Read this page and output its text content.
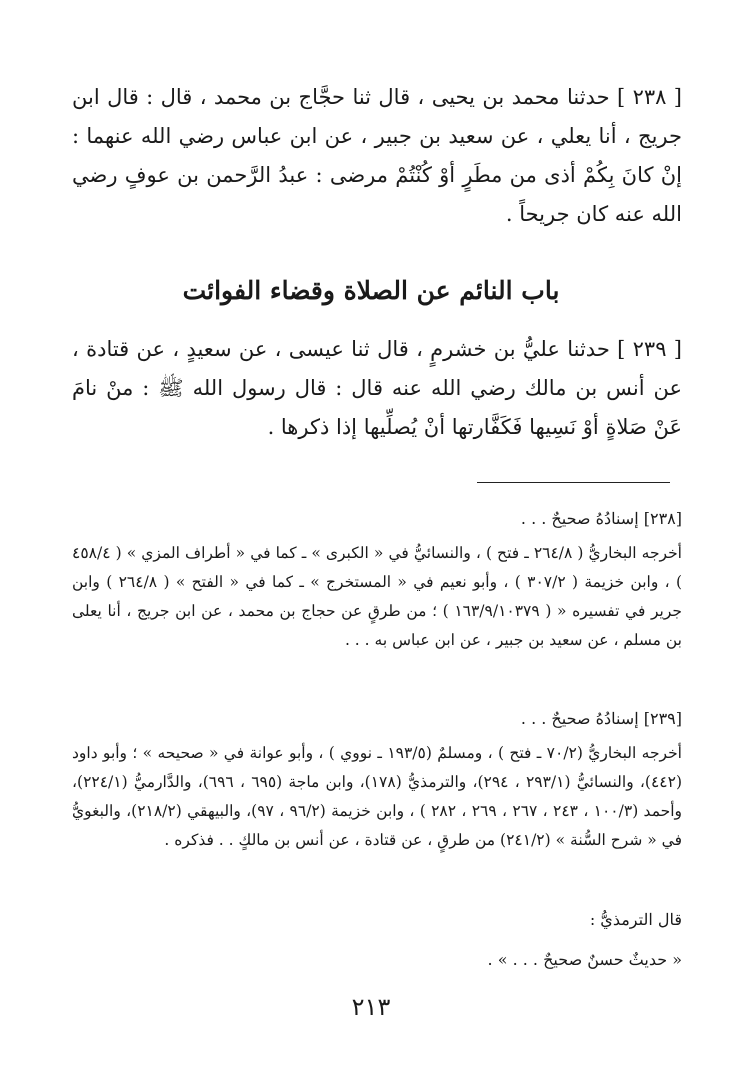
[ ٢٣٨ ] حدثنا محمد بن يحيى ، قال ثنا حجَّاج بن محمد ، قال : قال ابن جريج ، أنا يعلي ، عن سعيد بن جبير ، عن ابن عباس رضي الله عنهما : إنْ كانَ بِكُمْ أذى من مطَرٍ أوْ كُنْتُمْ مرضى : عبدُ الرَّحمن بن عوفٍ رضي الله عنه كان جريحاً .

باب النائم عن الصلاة وقضاء الفوائت

[ ٢٣٩ ] حدثنا عليُّ بن خشرمٍ ، قال ثنا عيسى ، عن سعيدٍ ، عن قتادة ، عن أنس بن مالك رضي الله عنه قال : قال رسول الله ﷺ : منْ نامَ عَنْ صَلاةٍ أوْ نَسِيها فَكَفَّارتها أنْ يُصلِّيها إذا ذكرها .

[٢٣٨] إسنادُهُ صحيحٌ . . .

أخرجه البخاريُّ ( ٢٦٤/٨ ـ فتح ) ، والنسائيُّ في « الكبرى » ـ كما في « أطراف المزي » ( ٤٥٨/٤ ) ، وابن خزيمة ( ٣٠٧/٢ ) ، وأبو نعيم في « المستخرج » ـ كما في « الفتح » ( ٢٦٤/٨ ) وابن جرير في تفسيره « ( ١٦٣/٩/١٠٣٧٩ ) ؛ من طرقٍ عن حجاج بن محمد ، عن ابن جريج ، أنا يعلى بن مسلم ، عن سعيد بن جبير ، عن ابن عباس به . . .

[٢٣٩] إسنادُهُ صحيحٌ . . .

أخرجه البخاريُّ (٧٠/٢ ـ فتح ) ، ومسلمٌ (١٩٣/٥ ـ نووي ) ، وأبو عوانة في « صحيحه » ؛ وأبو داود (٤٤٢)، والنسائيُّ (٢٩٣/١ ، ٢٩٤)، والترمذيُّ (١٧٨)، وابن ماجة (٦٩٥ ، ٦٩٦)، والدَّارميُّ (٢٢٤/١)، وأحمد (١٠٠/٣ ، ٢٤٣ ، ٢٦٧ ، ٢٦٩ ، ٢٨٢ ) ، وابن خزيمة (٩٦/٢ ، ٩٧)، والبيهقي (٢١٨/٢)، والبغويُّ في « شرح السُّنة » (٢٤١/٢) من طرقٍ ، عن قتادة ، عن أنس بن مالكٍ . . فذكره .

قال الترمذيُّ :

« حديثٌ حسنٌ صحيحٌ . . . » .

٢١٣
